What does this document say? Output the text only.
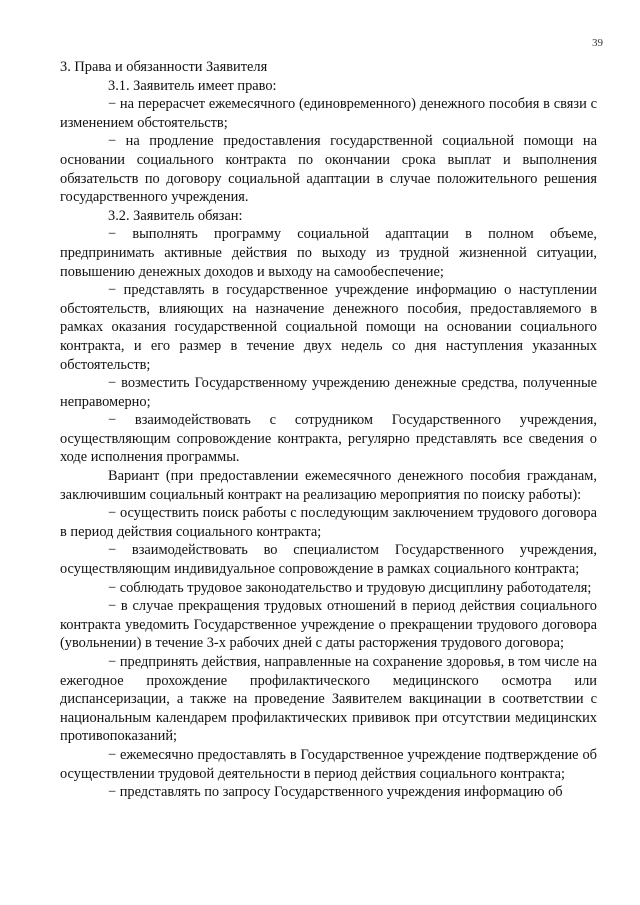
39

3. Права и обязанности Заявителя

3.1. Заявитель имеет право:

− на перерасчет ежемесячного (единовременного) денежного пособия в связи с изменением обстоятельств;

− на продление предоставления государственной социальной помощи на основании социального контракта по окончании срока выплат и выполнения обязательств по договору социальной адаптации в случае положительного решения государственного учреждения.

3.2. Заявитель обязан:

− выполнять программу социальной адаптации в полном объеме, предпринимать активные действия по выходу из трудной жизненной ситуации, повышению денежных доходов и выходу на самообеспечение;

− представлять в государственное учреждение информацию о наступлении обстоятельств, влияющих на назначение денежного пособия, предоставляемого в рамках оказания государственной социальной помощи на основании социального контракта, и его размер в течение двух недель со дня наступления указанных обстоятельств;

− возместить Государственному учреждению денежные средства, полученные неправомерно;

− взаимодействовать с сотрудником Государственного учреждения, осуществляющим сопровождение контракта, регулярно представлять все сведения о ходе исполнения программы.

Вариант (при предоставлении ежемесячного денежного пособия гражданам, заключившим социальный контракт на реализацию мероприятия по поиску работы):

− осуществить поиск работы с последующим заключением трудового договора в период действия социального контракта;

− взаимодействовать во специалистом Государственного учреждения, осуществляющим индивидуальное сопровождение в рамках социального контракта;

− соблюдать трудовое законодательство и трудовую дисциплину работодателя;

− в случае прекращения трудовых отношений в период действия социального контракта уведомить Государственное учреждение о прекращении трудового договора (увольнении) в течение 3-х рабочих дней с даты расторжения трудового договора;

− предпринять действия, направленные на сохранение здоровья, в том числе на ежегодное прохождение профилактического медицинского осмотра или диспансеризации, а также на проведение Заявителем вакцинации в соответствии с национальным календарем профилактических прививок при отсутствии медицинских противопоказаний;

− ежемесячно предоставлять в Государственное учреждение подтверждение об осуществлении трудовой деятельности в период действия социального контракта;

− представлять по запросу Государственного учреждения информацию об
